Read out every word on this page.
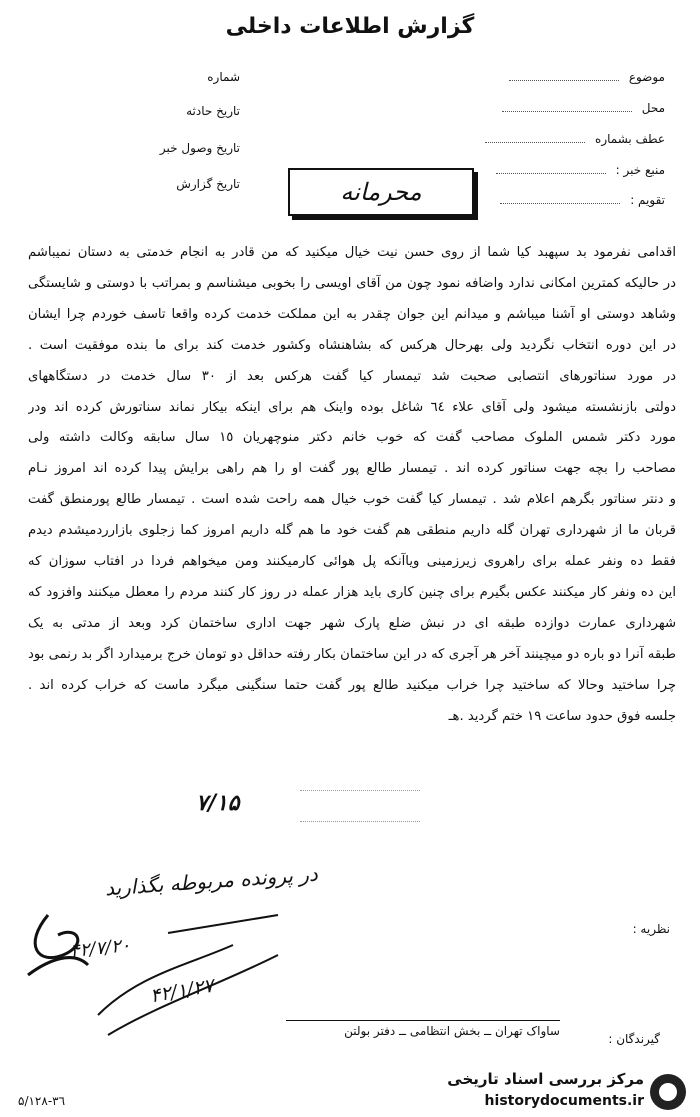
گزارش اطلاعات داخلی
موضوع
محل
عطف بشماره
منبع خبر :
تقویم :
شماره
تاریخ حادثه
تاریخ وصول خبر
تاریخ گزارش	محرمانه

اقدامی نفرمود بد سپهبد کیا شما از روی حسن نیت خیال میکنید که من قادر به انجام خدمتی به دستان نمیباشم

در حالیکه کمترین امکانی ندارد واضافه نمود چون من آقای اویسی را بخوبی میشناسم و بمراتب با دوستی و شایستگی

وشاهد دوستی او آشنا میباشم و میدانم این جوان چقدر به این مملکت خدمت کرده واقعا تاسف خوردم چرا ایشان

در این دوره انتخاب نگردید ولی بهرحال هرکس که بشاهنشاه وکشور خدمت کند برای ما بنده موفقیت است .

در مورد سناتورهای انتصابی صحبت شد تیمسار کیا گفت هرکس بعد از ۳۰ سال خدمت در دستگاههای

دولتی بازنشسته میشود ولی آقای علاء ٦٤ شاغل بوده واینک هم برای اینکه بیکار نماند سناتورش کرده اند ودر

مورد دکتر شمس الملوک مصاحب گفت که خوب خانم دکتر منوچهریان ١٥ سال سابقه وکالت داشته ولی

مصاحب را بچه جهت سناتور کرده اند . تیمسار طالع پور گفت او را هم راهی برایش پیدا کرده اند امروز نـام

و دنتر سناتور بگرهم اعلام شد . تیمسار کیا گفت خوب خیال همه راحت شده است . تیمسار طالع پورمنطق گفت

قربان ما از شهرداری تهران گله داریم منطقی هم گفت خود ما هم گله داریم امروز کما زجلوی بازارردمیشدم دیدم

فقط ده ونفر عمله برای راهروی زیرزمینی ویاآنکه پل هوائی کارمیکنند ومن میخواهم فردا در افتاب سوزان که

این ده ونفر کار میکنند عکس بگیرم برای چنین کاری باید هزار عمله در روز کار کنند مردم را معطل میکنند وافزود که

شهرداری عمارت دوازده طبقه ای در نبش ضلع پارک شهر جهت اداری ساختمان کرد وبعد از مدتی به یک

طبقه آنرا دو باره دو میچینند آخر هر آجری که در این ساختمان بکار رفته حداقل دو تومان خرج برمیدارد اگر بد رنمی بود

چرا ساختید وحالا که ساختید چرا خراب میکنید طالع پور گفت حتما سنگینی میگرد ماست که خراب کرده اند .

جلسه فوق حدود ساعت ۱۹ ختم گردید .هـ

۷/۱۵
در پرونده مربوطه بگذارید
۴۲/۷/۲۰
۴۲/۱/۲۷
نظریه :
گیرندگان :
ساواک تهران ــ بخش انتظامی ــ دفتر بولتن
۵/۱۲۸-۳٦
مرکز بررسی اسناد تاریخی
historydocuments.ir
